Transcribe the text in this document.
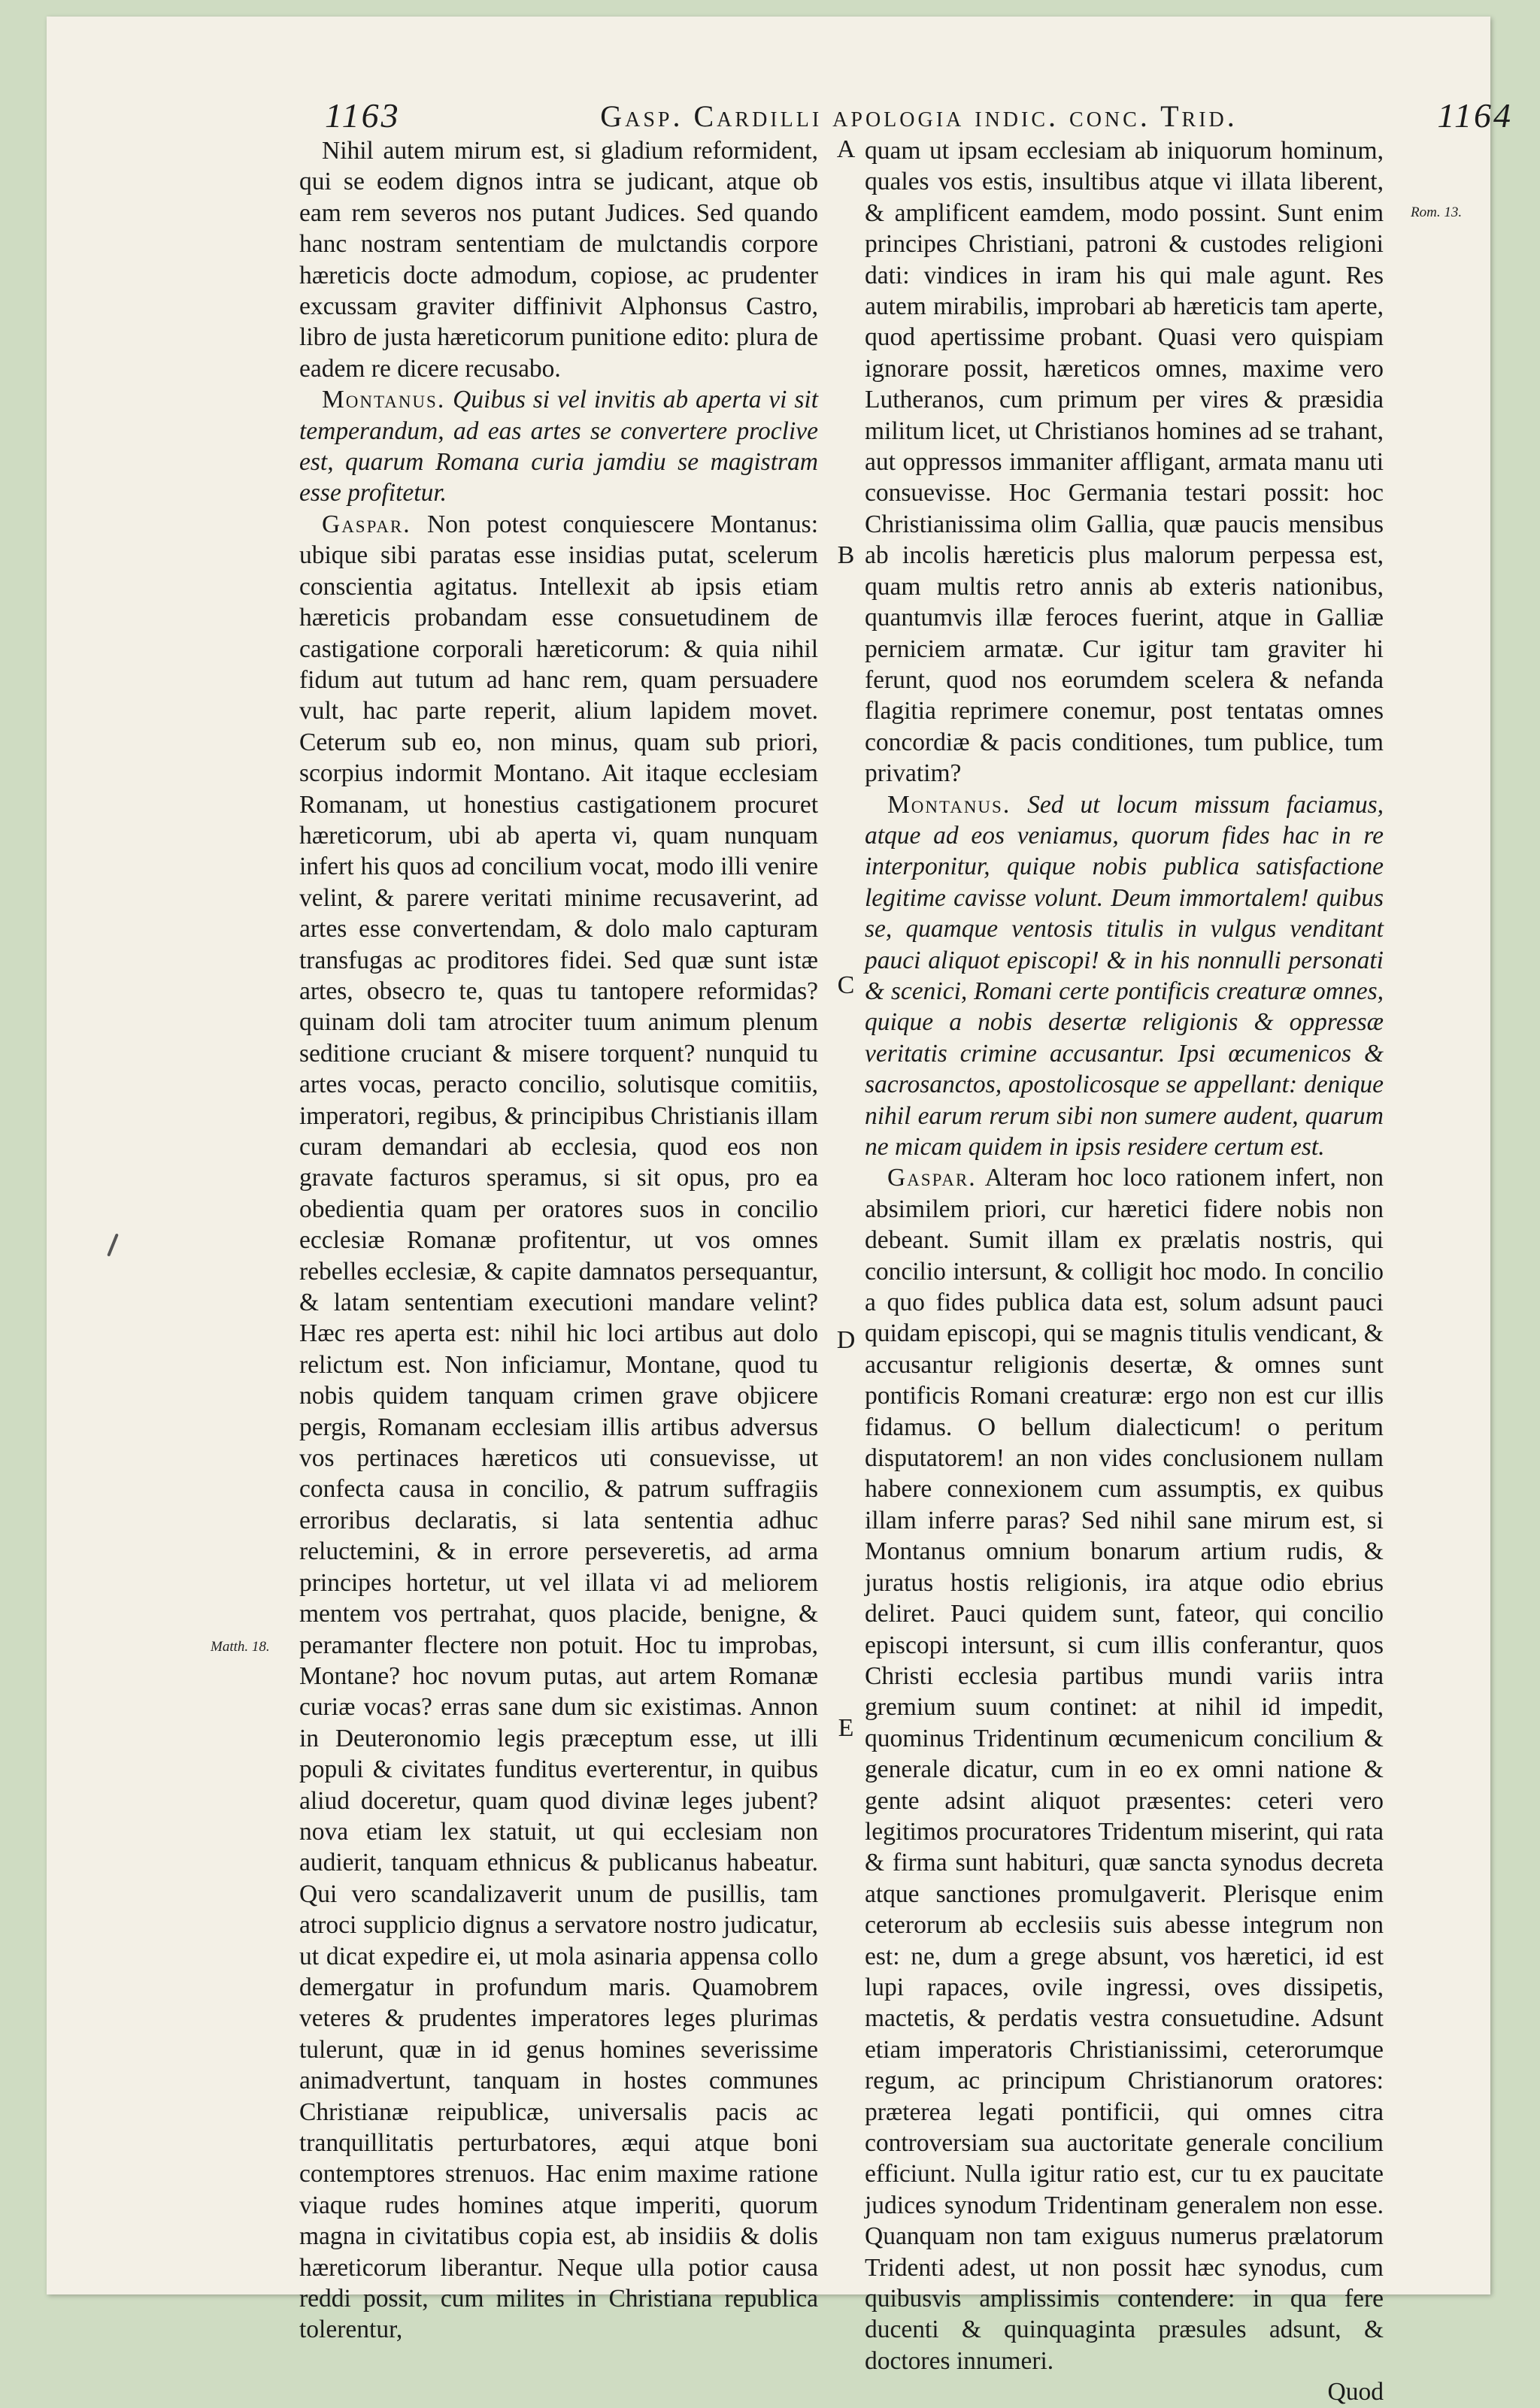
1163	Gasp. Cardilli apologia indic. conc. Trid.	1164

Nihil autem mirum est, si gladium reformident, qui se eodem dignos intra se judicant, atque ob eam rem severos nos putant Judices. Sed quando hanc nostram sententiam de mulctandis corpore hæreticis docte admodum, copiose, ac prudenter excussam graviter diffinivit Alphonsus Castro, libro de justa hæreticorum punitione edito: plura de eadem re dicere recusabo.

Montanus. Quibus si vel invitis ab aperta vi sit temperandum, ad eas artes se convertere proclive est, quarum Romana curia jamdiu se magistram esse profitetur.

Gaspar. Non potest conquiescere Montanus: ubique sibi paratas esse insidias putat, scelerum conscientia agitatus. Intellexit ab ipsis etiam hæreticis probandam esse consuetudinem de castigatione corporali hæreticorum: & quia nihil fidum aut tutum ad hanc rem, quam persuadere vult, hac parte reperit, alium lapidem movet. Ceterum sub eo, non minus, quam sub priori, scorpius indormit Montano. Ait itaque ecclesiam Romanam, ut honestius castigationem procuret hæreticorum, ubi ab aperta vi, quam nunquam infert his quos ad concilium vocat, modo illi venire velint, & parere veritati minime recusaverint, ad artes esse convertendam, & dolo malo capturam transfugas ac proditores fidei. Sed quæ sunt istæ artes, obsecro te, quas tu tantopere reformidas? quinam doli tam atrociter tuum animum plenum seditione cruciant & misere torquent? nunquid tu artes vocas, peracto concilio, solutisque comitiis, imperatori, regibus, & principibus Christianis illam curam demandari ab ecclesia, quod eos non gravate facturos speramus, si sit opus, pro ea obedientia quam per oratores suos in concilio ecclesiæ Romanæ profitentur, ut vos omnes rebelles ecclesiæ, & capite damnatos persequantur, & latam sententiam executioni mandare velint? Hæc res aperta est: nihil hic loci artibus aut dolo relictum est. Non inficiamur, Montane, quod tu nobis quidem tanquam crimen grave objicere pergis, Romanam ecclesiam illis artibus adversus vos pertinaces hæreticos uti consuevisse, ut confecta causa in concilio, & patrum suffragiis erroribus declaratis, si lata sententia adhuc reluctemini, & in errore perseveretis, ad arma principes hortetur, ut vel illata vi ad meliorem mentem vos pertrahat, quos placide, benigne, & peramanter flectere non potuit. Hoc tu improbas, Montane? hoc novum putas, aut artem Romanæ curiæ vocas? erras sane dum sic existimas. Annon in Deuteronomio legis præceptum esse, ut illi populi & civitates funditus everterentur, in quibus aliud doceretur, quam quod divinæ leges jubent? nova etiam lex statuit, ut qui ecclesiam non audierit, tanquam ethnicus & publicanus habeatur. Qui vero scandalizaverit unum de pusillis, tam atroci supplicio dignus a servatore nostro judicatur, ut dicat expedire ei, ut mola asinaria appensa collo demergatur in profundum maris. Quamobrem veteres & prudentes imperatores leges plurimas tulerunt, quæ in id genus homines severissime animadvertunt, tanquam in hostes communes Christianæ reipublicæ, universalis pacis ac tranquillitatis perturbatores, æqui atque boni contemptores strenuos. Hac enim maxime ratione viaque rudes homines atque imperiti, quorum magna in civitatibus copia est, ab insidiis & dolis hæreticorum liberantur. Neque ulla potior causa reddi possit, cum milites in Christiana republica tolerentur,

A
B
C
D
E

quam ut ipsam ecclesiam ab iniquorum hominum, quales vos estis, insultibus atque vi illata liberent, & amplificent eamdem, modo possint. Sunt enim principes Christiani, patroni & custodes religioni dati: vindices in iram his qui male agunt. Res autem mirabilis, improbari ab hæreticis tam aperte, quod apertissime probant. Quasi vero quispiam ignorare possit, hæreticos omnes, maxime vero Lutheranos, cum primum per vires & præsidia militum licet, ut Christianos homines ad se trahant, aut oppressos immaniter affligant, armata manu uti consuevisse. Hoc Germania testari possit: hoc Christianissima olim Gallia, quæ paucis mensibus ab incolis hæreticis plus malorum perpessa est, quam multis retro annis ab exteris nationibus, quantumvis illæ feroces fuerint, atque in Galliæ perniciem armatæ. Cur igitur tam graviter hi ferunt, quod nos eorumdem scelera & nefanda flagitia reprimere conemur, post tentatas omnes concordiæ & pacis conditiones, tum publice, tum privatim?

Montanus. Sed ut locum missum faciamus, atque ad eos veniamus, quorum fides hac in re interponitur, quique nobis publica satisfactione legitime cavisse volunt. Deum immortalem! quibus se, quamque ventosis titulis in vulgus venditant pauci aliquot episcopi! & in his nonnulli personati & scenici, Romani certe pontificis creaturæ omnes, quique a nobis desertæ religionis & oppressæ veritatis crimine accusantur. Ipsi œcumenicos & sacrosanctos, apostolicosque se appellant: denique nihil earum rerum sibi non sumere audent, quarum ne micam quidem in ipsis residere certum est.

Gaspar. Alteram hoc loco rationem infert, non absimilem priori, cur hæretici fidere nobis non debeant. Sumit illam ex prælatis nostris, qui concilio intersunt, & colligit hoc modo. In concilio a quo fides publica data est, solum adsunt pauci quidam episcopi, qui se magnis titulis vendicant, & accusantur religionis desertæ, & omnes sunt pontificis Romani creaturæ: ergo non est cur illis fidamus. O bellum dialecticum! o peritum disputatorem! an non vides conclusionem nullam habere connexionem cum assumptis, ex quibus illam inferre paras? Sed nihil sane mirum est, si Montanus omnium bonarum artium rudis, & juratus hostis religionis, ira atque odio ebrius deliret. Pauci quidem sunt, fateor, qui concilio episcopi intersunt, si cum illis conferantur, quos Christi ecclesia partibus mundi variis intra gremium suum continet: at nihil id impedit, quominus Tridentinum œcumenicum concilium & generale dicatur, cum in eo ex omni natione & gente adsint aliquot præsentes: ceteri vero legitimos procuratores Tridentum miserint, qui rata & firma sunt habituri, quæ sancta synodus decreta atque sanctiones promulgaverit. Plerisque enim ceterorum ab ecclesiis suis abesse integrum non est: ne, dum a grege absunt, vos hæretici, id est lupi rapaces, ovile ingressi, oves dissipetis, mactetis, & perdatis vestra consuetudine. Adsunt etiam imperatoris Christianissimi, ceterorumque regum, ac principum Christianorum oratores: præterea legati pontificii, qui omnes citra controversiam sua auctoritate generale concilium efficiunt. Nulla igitur ratio est, cur tu ex paucitate judices synodum Tridentinam generalem non esse. Quanquam non tam exiguus numerus prælatorum Tridenti adest, ut non possit hæc synodus, cum quibusvis amplissimis contendere: in qua fere ducenti & quinquaginta præsules adsunt, & doctores innumeri.

Quod

Rom. 13.
Matth. 18.
